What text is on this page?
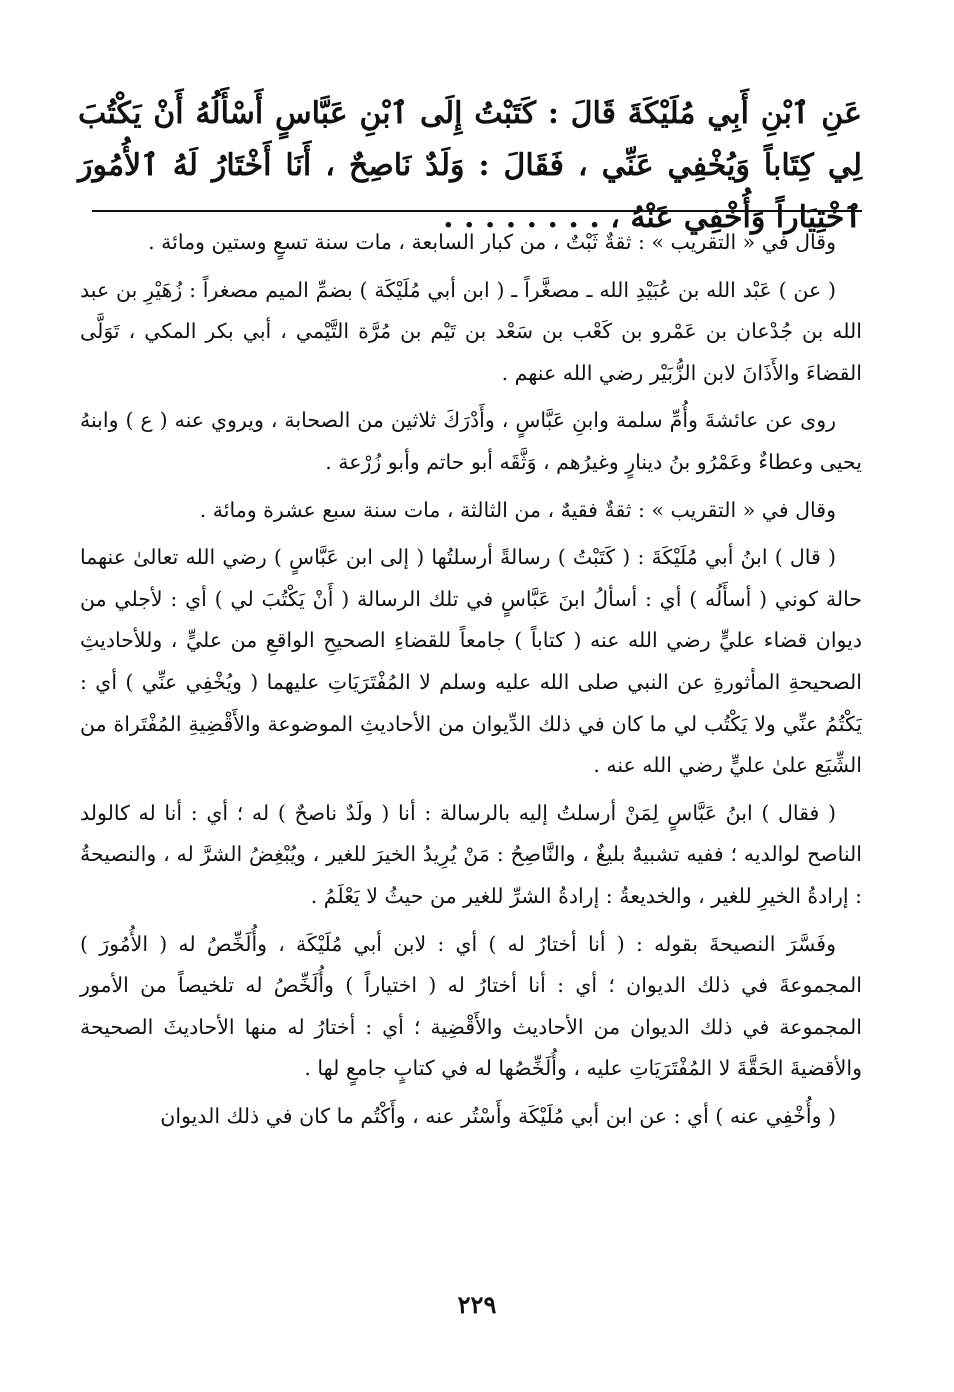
عَنِ ٱبْنِ أَبِي مُلَيْكَةَ قَالَ : كَتَبْتُ إِلَى ٱبْنِ عَبَّاسٍ أَسْأَلُهُ أَنْ يَكْتُبَ لِي كِتَاباً وَيُخْفِي عَنِّي ، فَقَالَ : وَلَدٌ نَاصِحٌ ، أَنَا أَخْتَارُ لَهُ ٱلأُمُورَ ٱخْتِيَاراً وَأُخْفِي عَنْهُ ، . . . . . . . .

وقال في « التقريب » : ثقةٌ ثَبْتٌ ، من كبار السابعة ، مات سنة تسعٍ وستين ومائة .

( عن ) عَبْد الله بن عُبَيْدِ الله ـ مصغَّراً ـ ( ابن أبي مُلَيْكَة ) بضمِّ الميم مصغراً : زُهَيْرِ بن عبد الله بن جُدْعان بن عَمْرو بن كَعْب بن سَعْد بن تَيْم بن مُرَّة التَّيْمي ، أبي بكر المكي ، تَوَلَّى القضاءَ والأَذَانَ لابن الزُّبَيْر رضي الله عنهم .

روى عن عائشةَ وأُمِّ سلمة وابنِ عَبَّاسٍ ، وأَدْرَكَ ثلاثين من الصحابة ، ويروي عنه ( ع ) وابنهُ يحيى وعطاءٌ وعَمْرُو بنُ دينارٍ وغيرُهم ، وَثَّقَه أبو حاتم وأبو زُرْعة .

وقال في « التقريب » : ثقةٌ فقيهٌ ، من الثالثة ، مات سنة سبع عشرة ومائة .

( قال ) ابنُ أبي مُلَيْكَةَ : ( كَتَبْتُ ) رسالةً أرسلتُها ( إلى ابن عَبَّاسٍ ) رضي الله تعالىٰ عنهما حالة كوني ( أسأَلُه ) أي : أسألُ ابنَ عَبَّاسٍ في تلك الرسالة ( أَنْ يَكْتُبَ لي ) أي : لأجلي من ديوان قضاء عليٍّ رضي الله عنه ( كتاباً ) جامعاً للقضاءِ الصحيحِ الواقعِ من عليٍّ ، وللأحاديثِ الصحيحةِ المأثورةِ عن النبي صلى الله عليه وسلم لا المُفْتَرَيَاتِ عليهما ( ويُخْفِي عنِّي ) أي : يَكْتُمُ عنِّي ولا يَكْتُب لي ما كان في ذلك الدِّيوان من الأحاديثِ الموضوعة والأَقْضِيةِ المُفْتَراة من الشِّيَع علىٰ عليٍّ رضي الله عنه .

( فقال ) ابنُ عَبَّاسٍ لِمَنْ أرسلتُ إليه بالرسالة : أنا ( ولَدٌ ناصحٌ ) له ؛ أي : أنا له كالولد الناصح لوالديه ؛ ففيه تشبيهٌ بليغٌ ، والنَّاصِحُ : مَنْ يُرِيدُ الخيرَ للغير ، ويُبْغِضُ الشرَّ له ، والنصيحةُ : إرادةُ الخيرِ للغير ، والخديعةُ : إرادةُ الشرِّ للغير من حيثُ لا يَعْلَمُ .

وفَسَّرَ النصيحةَ بقوله : ( أنا أختارُ له ) أي : لابن أبي مُلَيْكَة ، وأُلَخِّصُ له ( الأُمُورَ ) المجموعةَ في ذلك الديوان ؛ أي : أنا أختارُ له ( اختياراً ) وأُلَخِّصُ له تلخيصاً من الأمور المجموعة في ذلك الديوان من الأحاديث والأَقْضِية ؛ أي : أختارُ له منها الأحاديثَ الصحيحة والأقضيةَ الحَقَّةَ لا المُفْتَرَيَاتِ عليه ، وأُلَخِّصُها له في كتابٍ جامعٍ لها .

( وأُخْفِي عنه ) أي : عن ابن أبي مُلَيْكَة وأَسْتُر عنه ، وأَكْتُم ما كان في ذلك الديوان

٢٢٩
